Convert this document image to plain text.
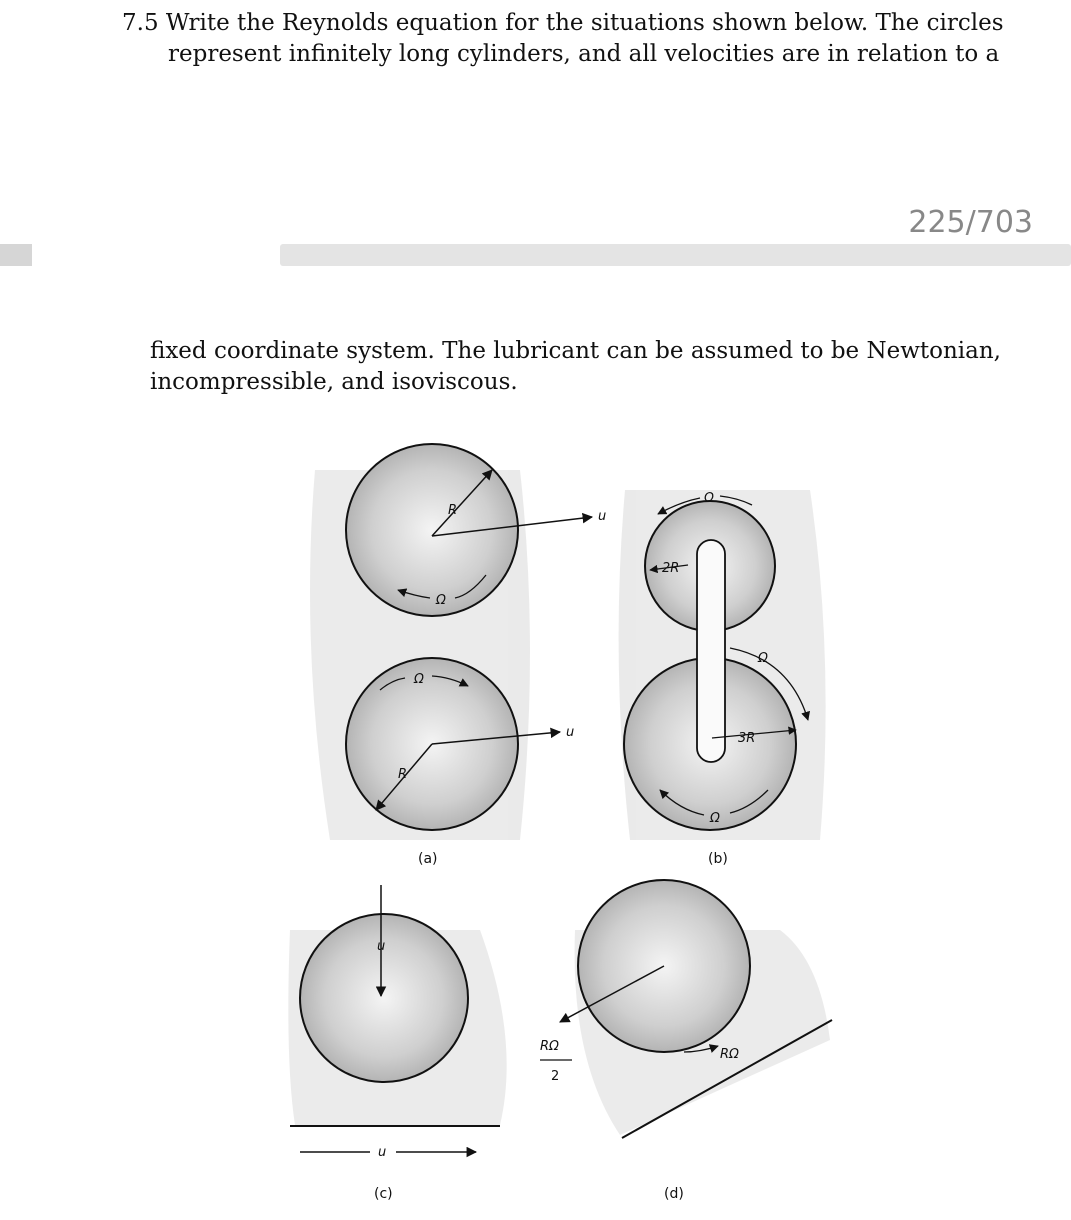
7.5 Write the Reynolds equation for the situations shown below. The circles
represent infinitely long cylinders, and all velocities are in relation to a
225/703
fixed coordinate system. The lubricant can be assumed to be Newtonian,
incompressible, and isoviscous.
R	u
Ω
R
u
Ω
(a)
2R
3R
Ω
Ω
Ω
(b)
u
u
(c)
RΩ
2
RΩ
(d)
